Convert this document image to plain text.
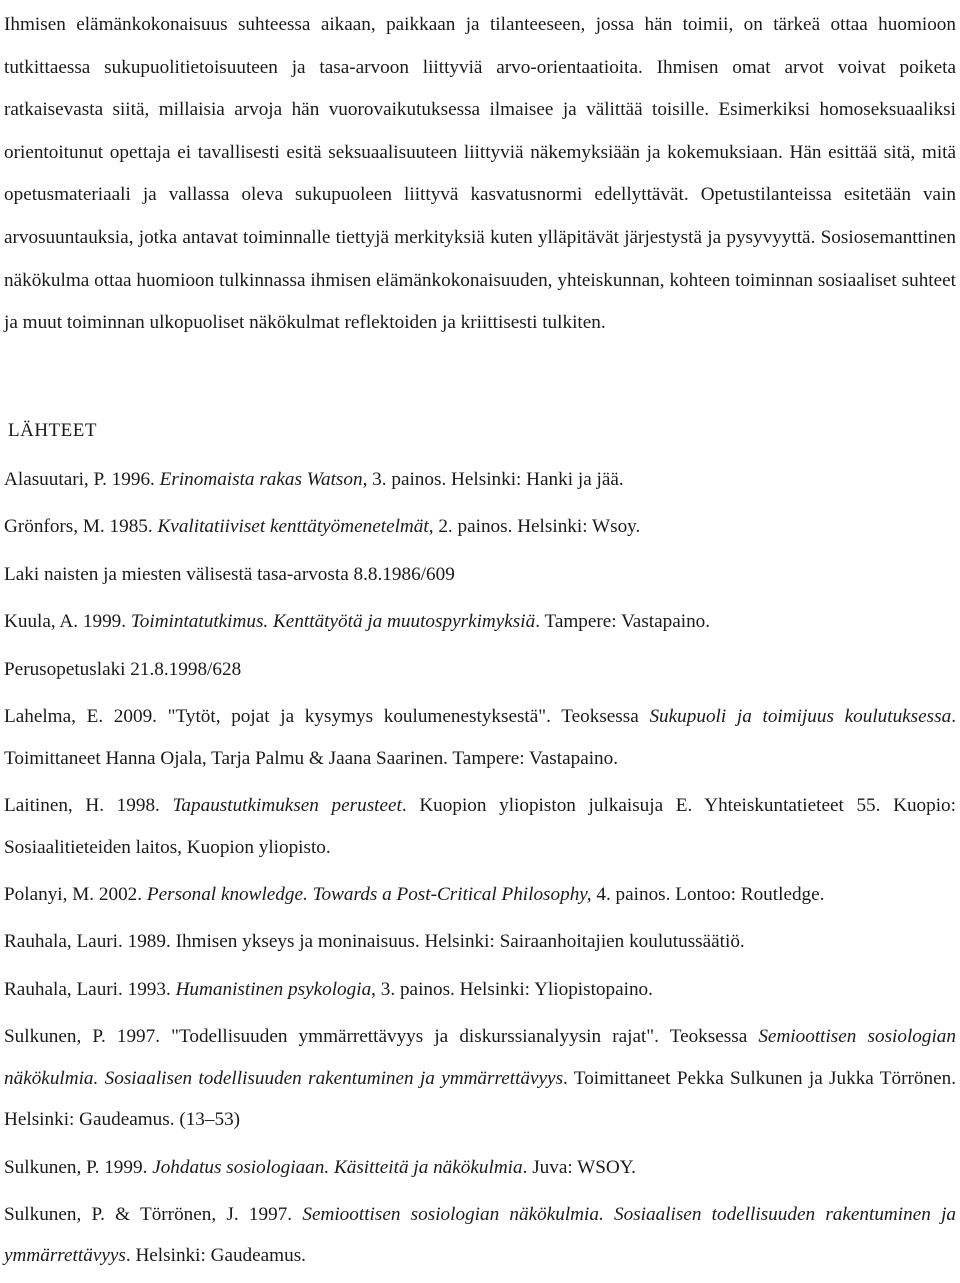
Ihmisen elämänkokonaisuus suhteessa aikaan, paikkaan ja tilanteeseen, jossa hän toimii, on tärkeä ottaa huomioon tutkittaessa sukupuolitietoisuuteen ja tasa-arvoon liittyviä arvo-orientaatioita. Ihmisen omat arvot voivat poiketa ratkaisevasta siitä, millaisia arvoja hän vuorovaikutuksessa ilmaisee ja välittää toisille. Esimerkiksi homoseksuaaliksi orientoitunut opettaja ei tavallisesti esitä seksuaalisuuteen liittyviä näkemyksiään ja kokemuksiaan. Hän esittää sitä, mitä opetusmateriaali ja vallassa oleva sukupuoleen liittyvä kasvatusnormi edellyttävät. Opetustilanteissa esitetään vain arvosuuntauksia, jotka antavat toiminnalle tiettyjä merkityksiä kuten ylläpitävät järjestystä ja pysyvyyttä. Sosiosemanttinen näkökulma ottaa huomioon tulkinnassa ihmisen elämänkokonaisuuden, yhteiskunnan, kohteen toiminnan sosiaaliset suhteet ja muut toiminnan ulkopuoliset näkökulmat reflektoiden ja kriittisesti tulkiten.

LÄHTEET
Alasuutari, P. 1996. Erinomaista rakas Watson, 3. painos. Helsinki: Hanki ja jää.
Grönfors, M. 1985. Kvalitatiiviset kenttätyömenetelmät, 2. painos. Helsinki: Wsoy.
Laki naisten ja miesten välisestä tasa-arvosta 8.8.1986/609
Kuula, A. 1999. Toimintatutkimus. Kenttätyötä ja muutospyrkimyksiä. Tampere: Vastapaino.
Perusopetuslaki 21.8.1998/628
Lahelma, E. 2009. "Tytöt, pojat ja kysymys koulumenestyksestä". Teoksessa Sukupuoli ja toimijuus koulutuksessa. Toimittaneet Hanna Ojala, Tarja Palmu & Jaana Saarinen. Tampere: Vastapaino.
Laitinen, H. 1998. Tapaustutkimuksen perusteet. Kuopion yliopiston julkaisuja E. Yhteiskuntatieteet 55. Kuopio: Sosiaalitieteiden laitos, Kuopion yliopisto.
Polanyi, M. 2002. Personal knowledge. Towards a Post-Critical Philosophy, 4. painos. Lontoo: Routledge.
Rauhala, Lauri. 1989. Ihmisen ykseys ja moninaisuus. Helsinki: Sairaanhoitajien koulutussäätiö.
Rauhala, Lauri. 1993. Humanistinen psykologia, 3. painos. Helsinki: Yliopistopaino.
Sulkunen, P. 1997. "Todellisuuden ymmärrettävyys ja diskurssianalyysin rajat". Teoksessa Semioottisen sosiologian näkökulmia. Sosiaalisen todellisuuden rakentuminen ja ymmärrettävyys. Toimittaneet Pekka Sulkunen ja Jukka Törrönen. Helsinki: Gaudeamus. (13–53)
Sulkunen, P. 1999. Johdatus sosiologiaan. Käsitteitä ja näkökulmia. Juva: WSOY.
Sulkunen, P. & Törrönen, J. 1997. Semioottisen sosiologian näkökulmia. Sosiaalisen todellisuuden rakentuminen ja ymmärrettävyys. Helsinki: Gaudeamus.
